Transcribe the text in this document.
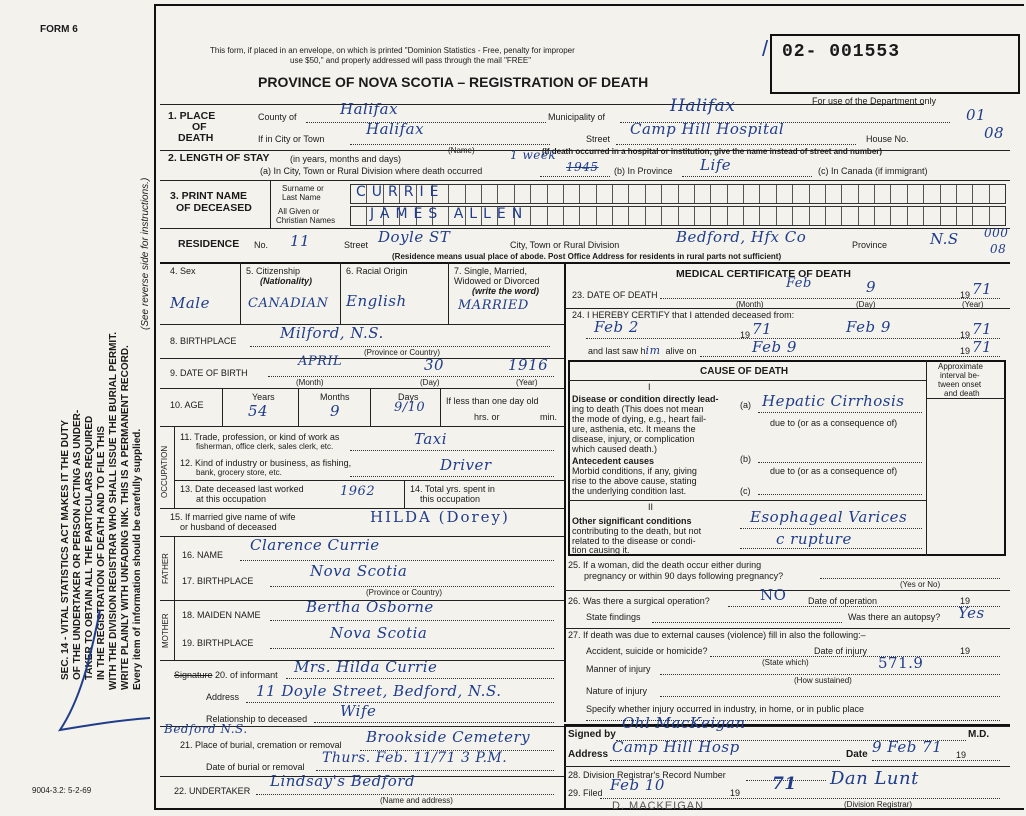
FORM 6
SEC. 14 - VITAL STATISTICS ACT MAKES IT THE DUTY OF THE UNDERTAKER OR PERSON ACTING AS UNDER- TAKER TO OBTAIN ALL THE PARTICULARS REQUIRED IN THE REGISTRATION OF DEATH AND TO FILE THIS WITH THE DIVISION REGISTRAR WHO SHALL ISSUE THE BURIAL PERMIT. WRITE PLAINLY WITH UNFADING INK. THIS IS A PERMANENT RECORD. Every item of information should be carefully supplied.
(See reverse side for instructions.)
9004-3.2: 5-2-69
This form, if placed in an envelope, on which is printed "Dominion Statistics - Free, penalty for improper
use $50," and properly addressed will pass through the mail "FREE"
PROVINCE OF NOVA SCOTIA – REGISTRATION OF DEATH
/ 02- 001553
For use of the Department only
1. PLACE
OF
DEATH
County of	Halifax	Municipality of
Halifax	01
If in City or Town
Halifax
(Name)
Street
Camp Hill Hospital
House No.	08
(If death occurred in a hospital or institution, give the name instead of street and number)
2. LENGTH OF STAY (in years, months and days)	1 week
(a) In City, Town or Rural Division where death occurred	1945 (b) In Province Life	(c) In Canada (if immigrant)
3. PRINT NAME
OF DECEASED
Surname or
Last Name	CURRIE
All Given or
Christian Names JAMES ALLEN
RESIDENCE No. 11	Street Doyle ST	City, Town or Rural Division	Bedford, Hfx Co	Province	N.S 000
08
(Residence means usual place of abode. Post Office Address for residents in rural parts not sufficient)
4. Sex
Male
5. Citizenship
(Nationality)
CANADIAN
6. Racial Origin
English
7. Single, Married,
Widowed or Divorced
(write the word)
MARRIED
8. BIRTHPLACE	Milford, N.S.
(Province or Country)
9. DATE OF BIRTH
APRIL	30	1916
(Month)	(Day)	(Year)
10. AGE
Years	Months	Days
54	9	9/10 If less than one day old
hrs. or	min.
OCCUPATION
11. Trade, profession, or kind of work as
fisherman, office clerk, sales clerk, etc.	Taxi
12. Kind of industry or business, as fishing,
bank, grocery store, etc.	Driver
13. Date deceased last worked
at this occupation	1962	14. Total yrs. spent in
this occupation
15. If married give name of wife
or husband of deceased
HILDA (Dorey)
FATHER 16. NAME
Clarence Currie
17. BIRTHPLACE
Nova Scotia
(Province or Country)
MOTHER 18. MAIDEN NAME	Bertha Osborne
19. BIRTHPLACE
Nova Scotia
Signature 20. of informant Mrs. Hilda Currie
Address 11 Doyle Street, Bedford, N.S.
Relationship to deceased Wife
Bedford N.S.
21. Place of burial, cremation or removal Brookside Cemetery
Date of burial or removal
Thurs. Feb. 11/71 3 P.M.
22. UNDERTAKER
Lindsay's Bedford
(Name and address)
MEDICAL CERTIFICATE OF DEATH
23. DATE OF DEATH
Feb	9	19 71
(Month)	(Day)	(Year)
24. I HEREBY CERTIFY that I attended deceased from:
Feb 2	19 71	Feb 9	19 71
and last saw him alive on	Feb 9	19 71
CAUSE OF DEATH	Approximate
interval be-
tween onset
and death
I
Disease or condition directly lead-
ing to death (This does not mean
the mode of dying, e.g., heart fail-
ure, asthenia, etc. It means the
disease, injury, or complication
which caused death.)
(a) Hepatic Cirrhosis
due to (or as a consequence of)
Antecedent causes
Morbid conditions, if any, giving
rise to the above cause, stating
the underlying condition last.
(b)
due to (or as a consequence of)
(c)
II
Other significant conditions
contributing to the death, but not
related to the disease or condi-
tion causing it.
Esophageal Varices
c rupture
25. If a woman, did the death occur either during
pregnancy or within 90 days following pregnancy?
(Yes or No)
26. Was there a surgical operation?	NO Date of operation	19
State findings	Was there an autopsy? Yes
27. If death was due to external causes (violence) fill in also the following:–
Accident, suicide or homicide?	Date of injury	19
(State which)
Manner of injury	571.9
(How sustained)
Nature of injury
Specify whether injury occurred in industry, in home, or in public place
Signed by
Ohl MacKeigan
M.D.
Address Camp Hill Hosp	Date 9 Feb 71 19
28. Division Registrar's Record Number
29. Filed Feb 10	19 71 Dan Lunt
(Division Registrar)
D. MACKEIGAN
